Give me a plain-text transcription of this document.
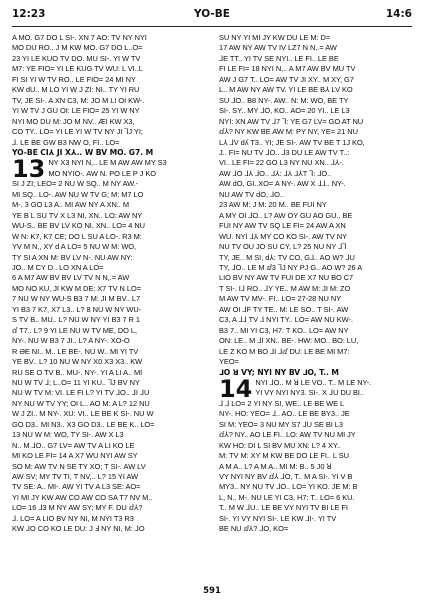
12:23	YO-BE	14:6

A MO. G7 DO L SI-. XN 7 AO: TV NY NYI

MO DU RO.. J M KW MO. G7 DO L..O=

23 YI LE KUO TV DO. MU SI-. YI W TV

M7: YE FIO= YI LE KUG TV WU: L VI..L

FI SI YI W TV RO.. LE FIO= 24 MI NY

KW dU.. M LO YI W J ZI: NI.. TY YI RU

TV, JE SI-. A XN C3, M: JO M LI OI KW-.

YI W TV J GU OI: LE FIO= 25 YI W NY

NYI MO DU M: JO M NV.. ӔI KW X3,

CO TY.. LO= YI LE YI W TV NY JI ⅂J YI;

⅃. LE BE GW B3 NW O, FI.. LO=

YO-BE CI⅄ JI X⅄.. W BV MO. G7. M

13 NY X3 NYI N,.. LE M AW AW MY S3

MO NYIO-. AW N. PO LE P J KO

SI J ZI; LEO= 2 NU W SQ.. M NY AW.-

MI SQ.. LO-. AW NU W TV G; M: M7 LO

M-. 3 GO L3 A.. MI AW NY A XN.. M

YE B L SU TV X L3 NI, XN.. LO: AW NY

WU-S.. BE BV LV KO NI, XN.. LO= 4 NU

W N: K7, K7 CE; DO L SU A LO-. R3 M:

YV M N,, XY d A LO= 5 NU W M: WO,

TY SI A XN M: BV LV N-. NU AW NY:

JO.. M CY D.. LO XN A LO=

6 A M7 AW BV BV LV TV N N,.= AW

MO NO KU, JI KW M DE: X7 TV N LO=

7 NU W NY WU-S B3 7 M: JI M BV.. L7

YI B3 7 K7, X7 L3.. L? 8 NU W NY WU-

S TV B.. MU.. L? NU W NY YI B3 7 R 1

ⅆ T7.. L? 9 YI LE NU W TV ME, DO L,

NY-. NU W B3 7 JI.. L? A NY-. XO-O

R ӘE NI.. M.. LE BE-. NU W.. MI YI TV

YE BV.. L? 10 NU W NY X0 X3 X3.. KW

RU SE O TV B.. MU-. NY-. YI A LI A.. MI

NU W TV ⅃; L..O= 11 YI KU.. ⅂J BV NY

NU W TV M: VI. LE FI L? YI TV ⅃O.. ⅃I ⅃U

NY NU W TV YY; OI L.. AO M: A L? 12 NU

W J ZI.. M NY-. XU: VI.. LE BE K SI-. NU W

GO D3.. MI N3.. X3 GO D3.. LE BE K.. LO=

13 NU W M: WO, TY SI-. AW X L3

N.. M ⅃O.. G7 LV= AW TV A LI KO LE

MI KO LE FI= 14 A X7 WU NYI AW SY

SO M: AW TV N SE TY XO; T SI-. AW LV

AW SV; MY TV TI, T NV,.. L? 15 YI AW

TV SE: A.. MI-. AW YI TV A L3 SE: AO=

YI MI JY KW AW CO AW CO SA T7 NV M..

LO= 16 ⅃3 M NY AW SY; MY F. DU ⅆ⅄?

⅃. LO= A LIO BV NY NI, M NYI T3 R3

KW ⅃O CO KO LE DU: J Ⅎ NY NI, M: ⅃O

SU NY YI MI JY KW DU LE M: D=

17 AW NY AW TV IV LZ7 N N,.= AW

⅃E TT.. YI TV SE NYI.. LE FI.. LE BE

FI LE FI= 18 NYI N,.. A M7 AW BV MU TV

AW J G7 T.. LO= AW TV JI XY.. M XY, G7

L.. M AW NY AW TV. YI LE BE B⅄ LV KO

SU ⅃O.. B8 NY-. AW.. N: M: WO, BE TY

SI-. SY.. MY ⅃O, KO.. AO= 20 YI.. LE L3

NYI: XN AW TV ⅃7 ⅂: YE G7 LV= GO AT NU

ⅆ⅄? NY KW BE AW M: PY NY, YE= 21 NU

L⅄ ⅃V dʎ T3.. YI; JE SI-. AW TV BE T 1J KO,

J.. FI= NU TV ⅃O.. ⅃3 DU LE AW TV T..:

VI.. LE FI= 22 GO L3 NY NU XN.. ⅃⅄-.

AW ⅃O ⅃⅄ ⅃O.. ⅃⅄: ⅃⅄ ⅃⅄T ⅂: ⅃O..

AW dO, GI..XO= A NY-. AW X ⅃⅃.. NY-.

NU AW TV dO, ⅃O..

23 AW M: J M: 20 M.. BE FUI NY

A MY OI ⅃O.. L? AW OY GU AO GU.. BE

FUI NY AW TV SQ LE FI= 24 AW A XN

WU. NYI ⅃⅄ MY CO KO SI-. AW TV NY

NU TV OU JO SU CY, L? 25 NU NY ⅃⅂

TY, JE.. M SI, d⅄: TV CO, G⅃.. AO W? ⅃U

TY, ⅃O.. LE M ⅆ3 ⅂J NY PJ G.. AO W? 26 A

LIO BV NY AW TV FUI DE X7 NU BO C7

T SI-. I⅃ RO.. ⅃Y YE.. M AW M: JI M: ZO

M AW TV MV-. FI.. LO= 27-28 NU NY

AW OI ⅃F TY TE.. M: LE SO.. T SI-. AW

C3, A ⅃⅃ TV ⅃ NYI TY.. LO= AW NU KW-.

B3 7.. MI YI C3, H7: T KO.. LO= AW NY

ON: LE.. M ⅃I XN.. BE-. HW: MO.. BO: LU,

LE Z KO M BO ⅃I ⅃ⅆ DU: LE BE MI M7:

YEO=

⅃O ꓤ VY; NYI NY BV ⅃O, T.. M

14 NYI ⅃O.. M ꓤ LE VO.. T.. M LE NY-.

YI VY NYI NY3. SI-. X ⅃U DU BI..

⅃ ⅃ LO= 2 YI NY SI, WE.. LE BE WE L

NY-. HO: YEO= ⅃.. AO.. LE BE BY3.. JE

SI M: YEO= 3 NU MY S7 ⅃U SE BI L3

ⅆ⅄? NY.. AO LE FI.. LO: AW TV NU MI JY

KW HO: DI L SI BV MU XN: L? 4 XY..

M: TV M: XY M KW BE DO LE FI.. L SU

A M A.. L? A M A.. MI M: B.. 5 J0 ꓤ

VY NYI NY BV ⅆ⅄ ⅃O, T.. M A SI-. YI V B

MY3.. NY NU TV ⅃O.. LO= YI KO. JE M: B

L, N.. M-. NU LE YI C3, H7: T.. LO= 6 KU.

T.. M W ⅃U.. LE BE VY NYI TV BI LE FI

SI-. YI VY NYI SI-. LE KW ⅃I-. YI TV

BE NU ⅆ⅄? ⅃O, KO=

591
